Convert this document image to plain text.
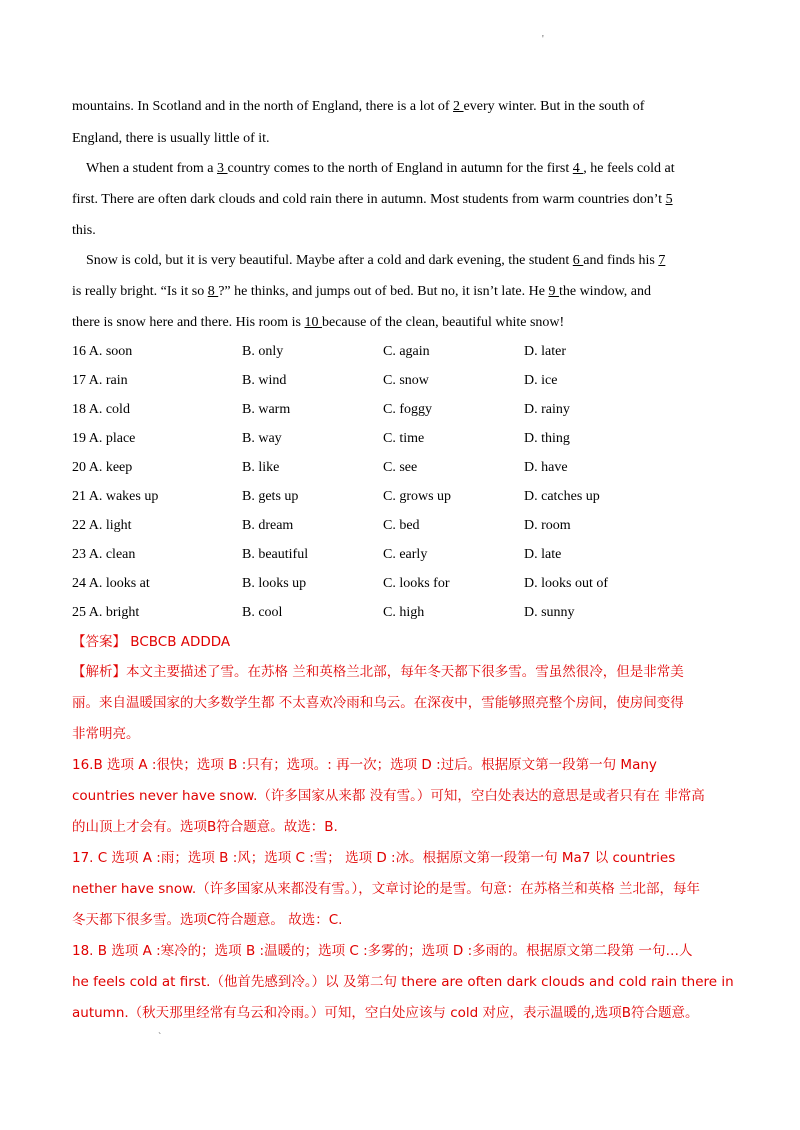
'
mountains. In Scotland and in the north of England, there is a lot of 2 every winter. But in the south of
England, there is usually little of it.
When a student from a 3 country comes to the north of England in autumn for the first 4 , he feels cold at
first. There are often dark clouds and cold rain there in autumn. Most students from warm countries don’t 5
this.
Snow is cold, but it is very beautiful. Maybe after a cold and dark evening, the student 6 and finds his 7
is really bright. “Is it so 8 ?” he thinks, and jumps out of bed. But no, it isn’t late. He 9 the window, and
there is snow here and there. His room is 10 because of the clean, beautiful white snow!
16 A. soon	B. only	C. again	D. later
17 A. rain	B. wind	C. snow	D. ice
18 A. cold	B. warm	C. foggy	D. rainy
19 A. place	B. way	C. time	D. thing
20 A. keep	B. like	C. see	D. have
21 A. wakes up	B. gets up	C. grows up	D. catches up
22 A. light	B. dream	C. bed	D. room
23 A. clean	B. beautiful	C. early	D. late
24 A. looks at	B. looks up	C. looks for	D. looks out of
25 A. bright	B. cool	C. high	D. sunny
【答案】 BCBCB ADDDA
【解析】本文主要描述了雪。在苏格 兰和英格兰北部，每年冬天都下很多雪。雪虽然很冷，但是非常美
丽。来自温暖国家的大多数学生都 不太喜欢冷雨和乌云。在深夜中，雪能够照亮整个房间，使房间变得
非常明亮。
16.B 选项 A :很快；选项 B :只有；选项。: 再一次；选项 D :过后。根据原文第一段第一句 Many
countries never have snow.（许多国家从来都 没有雪。）可知，空白处表达的意思是或者只有在 非常高
的山顶上才会有。选项B符合题意。故选：B.
17. C 选项 A :雨；选项 B :风；选项 C :雪； 选项 D :冰。根据原文第一段第一句 Ma7 以 countries
nether have snow.（许多国家从来都没有雪。），文章讨论的是雪。句意：在苏格兰和英格 兰北部，每年
冬天都下很多雪。选项C符合题意。 故选：C.
18. B 选项 A :寒冷的；选项 B :温暖的；选项 C :多雾的；选项 D :多雨的。根据原文第二段第 一句…人
he feels cold at first.（他首先感到冷。）以 及第二句 there are often dark clouds and cold rain there in
autumn.（秋天那里经常有乌云和冷雨。）可知，空白处应该与 cold 对应，表示温暖的,选项B符合题意。
`
